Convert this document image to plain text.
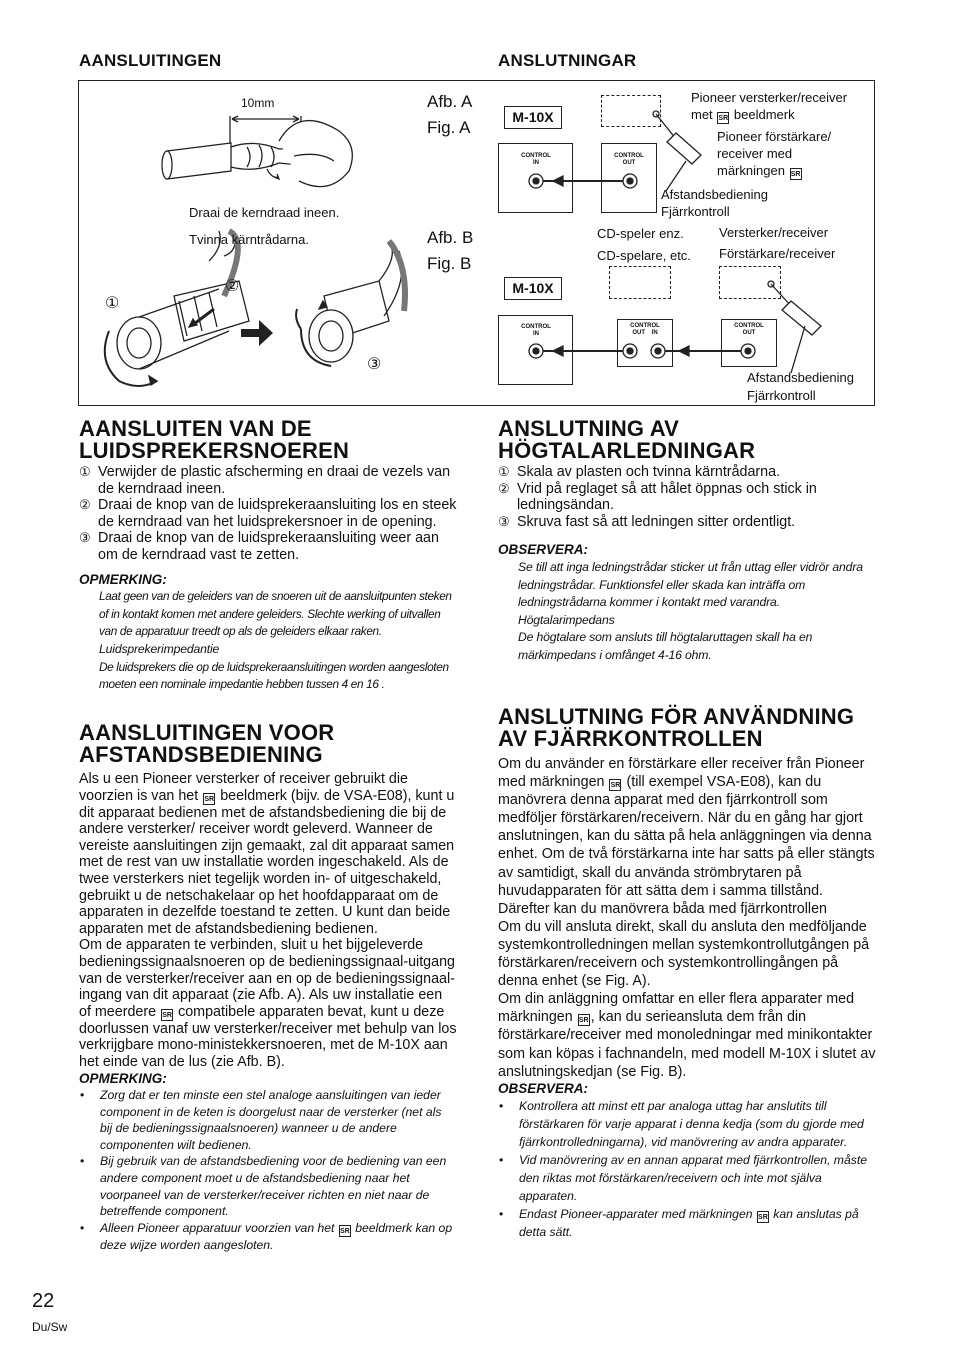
AANSLUITINGEN	ANSLUTNINGAR
10mm
Draai de kerndraad ineen.
Tvinna kärntrådarna.
①
②
③
Afb. A
Fig. A
Afb. B
Fig. B
M-10X
CONTROL
IN
CONTROL
OUT
Pioneer versterker/receiver
met SR beeldmerk
Pioneer förstärkare/
receiver med
märkningen SR
Afstandsbediening
Fjärrkontroll
CD-speler enz.
CD-spelare, etc.
Versterker/receiver
Förstärkare/receiver
M-10X
CONTROL
IN
CONTROL
OUT    IN
CONTROL
OUT
Afstandsbediening
Fjärrkontroll
AANSLUITEN VAN DE LUIDSPREKERSNOEREN
① Verwijder de plastic afscherming en draai de vezels van de kerndraad ineen.
② Draai de knop van de luidsprekeraansluiting los en steek de kerndraad van het luidsprekersnoer in de opening.
③ Draai de knop van de luidsprekeraansluiting weer aan om de kerndraad vast te zetten.
OPMERKING:
Laat geen van de geleiders van de snoeren uit de aansluitpunten steken of in kontakt komen met andere geleiders. Slechte werking of uitvallen van de apparatuur treedt op als de geleiders elkaar raken.
Luidsprekerimpedantie
De luidsprekers die op de luidsprekeraansluitingen worden aangesloten moeten een nominale impedantie hebben tussen 4 en 16 .
AANSLUITINGEN VOOR AFSTANDSBEDIENING
Als u een Pioneer versterker of receiver gebruikt die voorzien is van het SR beeldmerk (bijv. de VSA-E08), kunt u dit apparaat bedienen met de afstandsbediening die bij de andere versterker/ receiver wordt geleverd. Wanneer de vereiste aansluitingen zijn gemaakt, zal dit apparaat samen met de rest van uw installatie worden ingeschakeld. Als de twee versterkers niet tegelijk worden in- of uitgeschakeld, gebruikt u de netschakelaar op het hoofdapparaat om de apparaten in dezelfde toestand te zetten. U kunt dan beide apparaten met de afstandsbediening bedienen.
Om de apparaten te verbinden, sluit u het bijgeleverde bedieningssignaalsnoeren op de bedieningssignaal-uitgang van de versterker/receiver aan en op de bedieningssignaal-ingang van dit apparaat (zie Afb. A). Als uw installatie een of meerdere SR compatibele apparaten bevat, kunt u deze doorlussen vanaf uw versterker/receiver met behulp van los verkrijgbare mono-ministekkersnoeren, met de M-10X aan het einde van de lus (zie Afb. B).
OPMERKING:
•	Zorg dat er ten minste een stel analoge aansluitingen van ieder component in de keten is doorgelust naar de versterker (net als bij de bedieningssignaalsnoeren) wanneer u de andere componenten wilt bedienen.
•	Bij gebruik van de afstandsbediening voor de bediening van een andere component moet u de afstandsbediening naar het voorpaneel van de versterker/receiver richten en niet naar de betreffende component.
•	Alleen Pioneer apparatuur voorzien van het SR beeldmerk kan op deze wijze worden aangesloten.
ANSLUTNING AV HÖGTALARLEDNINGAR
① Skala av plasten och tvinna kärntrådarna.
② Vrid på reglaget så att hålet öppnas och stick in ledningsändan.
③ Skruva fast så att ledningen sitter ordentligt.
OBSERVERA:
Se till att inga ledningstrådar sticker ut från uttag eller vidrör andra ledningstrådar. Funktionsfel eller skada kan inträffa om ledningstrådarna kommer i kontakt med varandra.
Högtalarimpedans
De högtalare som ansluts till högtalaruttagen skall ha en märkimpedans i omfånget 4-16 ohm.
ANSLUTNING FÖR ANVÄNDNING AV FJÄRRKONTROLLEN
Om du använder en förstärkare eller receiver från Pioneer med märkningen SR (till exempel VSA-E08), kan du manövrera denna apparat med den fjärrkontroll som medföljer förstärkaren/receivern. När du en gång har gjort anslutningen, kan du sätta på hela anläggningen via denna enhet. Om de två förstärkarna inte har satts på eller stängts av samtidigt, skall du använda strömbrytaren på huvudapparaten för att sätta dem i samma tillstånd. Därefter kan du manövrera båda med fjärrkontrollen
Om du vill ansluta direkt, skall du ansluta den medföljande systemkontrolledningen mellan systemkontrollutgången på förstärkaren/receivern och systemkontrollingången på denna enhet (se Fig. A).
Om din anläggning omfattar en eller flera apparater med märkningen SR , kan du serieansluta dem från din förstärkare/receiver med monoledningar med minikontakter som kan köpas i fachnandeln, med modell M-10X i slutet av anslutningskedjan (se Fig. B).
OBSERVERA:
•	Kontrollera att minst ett par analoga uttag har anslutits till förstärkaren för varje apparat i denna kedja (som du gjorde med fjärrkontrolledningarna), vid manövrering av andra apparater.
•	Vid manövrering av en annan apparat med fjärrkontrollen, måste den riktas mot förstärkaren/receivern och inte mot själva apparaten.
•	Endast Pioneer-apparater med märkningen SR kan anslutas på detta sätt.
22
Du/Sw
